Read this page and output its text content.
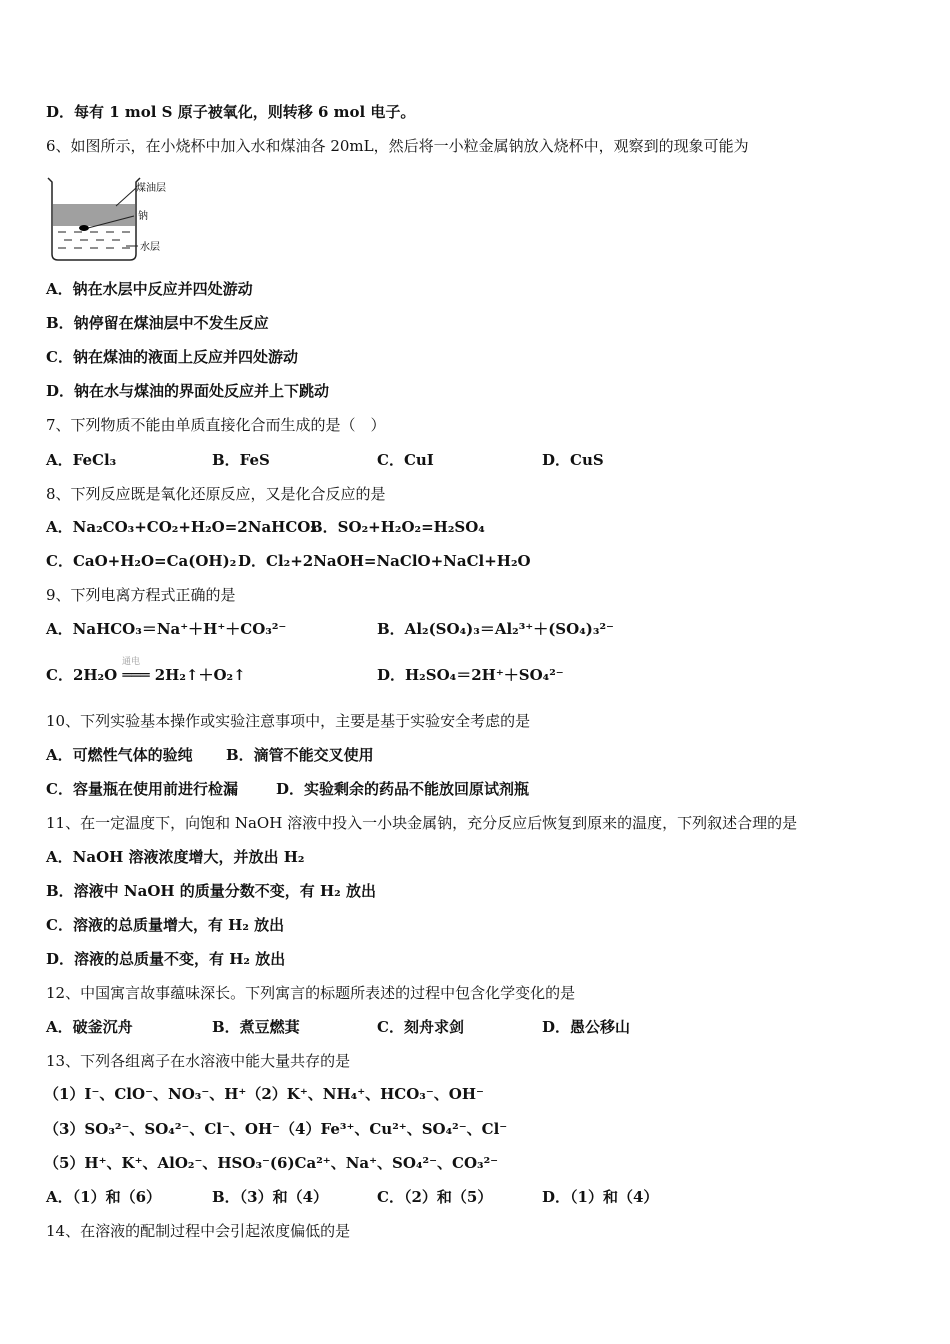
D．每有 1 mol S 原子被氧化，则转移 6 mol 电子。
6、如图所示，在小烧杯中加入水和煤油各 20mL，然后将一小粒金属钠放入烧杯中，观察到的现象可能为
煤油层
钠
水层
A．钠在水层中反应并四处游动
B．钠停留在煤油层中不发生反应
C．钠在煤油的液面上反应并四处游动
D．钠在水与煤油的界面处反应并上下跳动
7、下列物质不能由单质直接化合而生成的是（　）
A．FeCl₃	B．FeS	C．CuI	D．CuS
8、下列反应既是氧化还原反应，又是化合反应的是
A．Na₂CO₃+CO₂+H₂O=2NaHCO₃
B．SO₂+H₂O₂=H₂SO₄
C．CaO+H₂O=Ca(OH)₂ D．Cl₂+2NaOH=NaClO+NaCl+H₂O
9、下列电离方程式正确的是
A．NaHCO₃＝Na⁺＋H⁺＋CO₃²⁻	B．Al₂(SO₄)₃＝Al₂³⁺＋(SO₄)₃²⁻
通电
C．2H₂O ═══ 2H₂↑＋O₂↑	D．H₂SO₄＝2H⁺＋SO₄²⁻
10、下列实验基本操作或实验注意事项中，主要是基于实验安全考虑的是
A．可燃性气体的验纯 B．滴管不能交叉使用
C．容量瓶在使用前进行检漏	D．实验剩余的药品不能放回原试剂瓶
11、在一定温度下，向饱和 NaOH 溶液中投入一小块金属钠，充分反应后恢复到原来的温度，下列叙述合理的是
A．NaOH 溶液浓度增大，并放出 H₂
B．溶液中 NaOH 的质量分数不变，有 H₂ 放出
C．溶液的总质量增大，有 H₂ 放出
D．溶液的总质量不变，有 H₂ 放出
12、中国寓言故事蕴味深长。下列寓言的标题所表述的过程中包含化学变化的是
A．破釜沉舟	B．煮豆燃萁	C．刻舟求剑	D．愚公移山
13、下列各组离子在水溶液中能大量共存的是
（1）I⁻、ClO⁻、NO₃⁻、H⁺（2）K⁺、NH₄⁺、HCO₃⁻、OH⁻
（3）SO₃²⁻、SO₄²⁻、Cl⁻、OH⁻（4）Fe³⁺、Cu²⁺、SO₄²⁻、Cl⁻
（5）H⁺、K⁺、AlO₂⁻、HSO₃⁻(6)Ca²⁺、Na⁺、SO₄²⁻、CO₃²⁻
A．（1）和（6）	B．（3）和（4）	C．（2）和（5）	D．（1）和（4）
14、在溶液的配制过程中会引起浓度偏低的是
